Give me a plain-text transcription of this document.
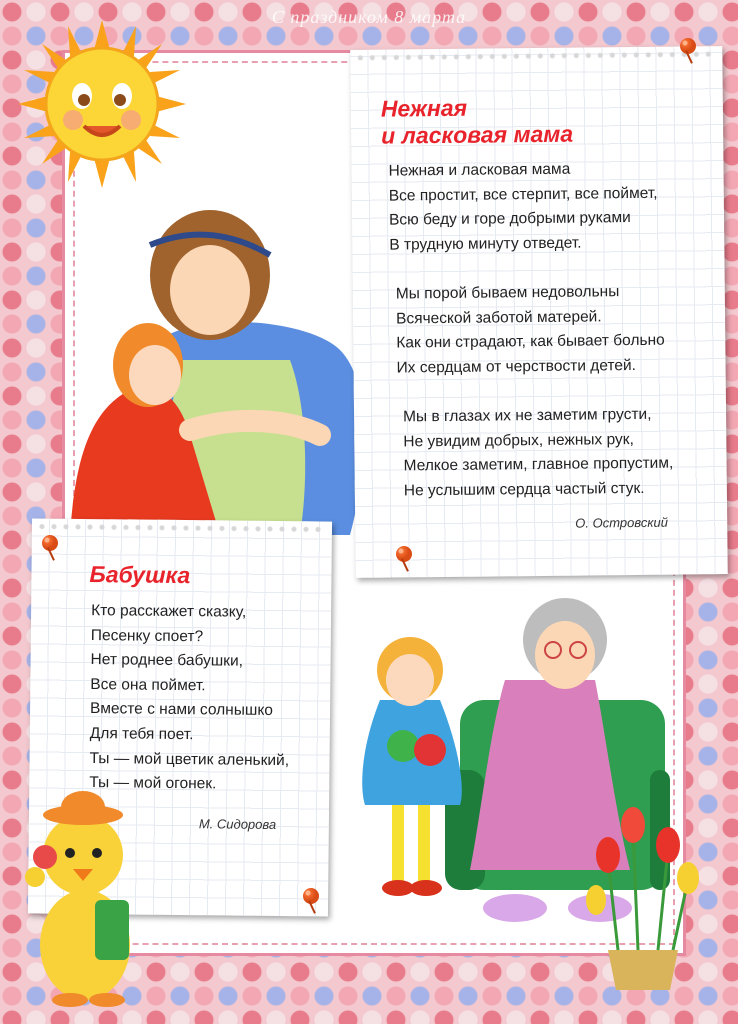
С праздником 8 марта
Нежная
и ласковая мама
Нежная и ласковая мама
Все простит, все стерпит, все поймет,
Всю беду и горе добрыми руками
В трудную минуту отведет.
Мы порой бываем недовольны
Всяческой заботой матерей.
Как они страдают, как бывает больно
Их сердцам от черствости детей.
Мы в глазах их не заметим грусти,
Не увидим добрых, нежных рук,
Мелкое заметим, главное пропустим,
Не услышим сердца частый стук.
О. Островский
Бабушка
Кто расскажет сказку,
Песенку споет?
Нет роднее бабушки,
Все она поймет.
Вместе с нами солнышко
Для тебя поет.
Ты — мой цветик аленький,
Ты — мой огонек.
М. Сидорова
